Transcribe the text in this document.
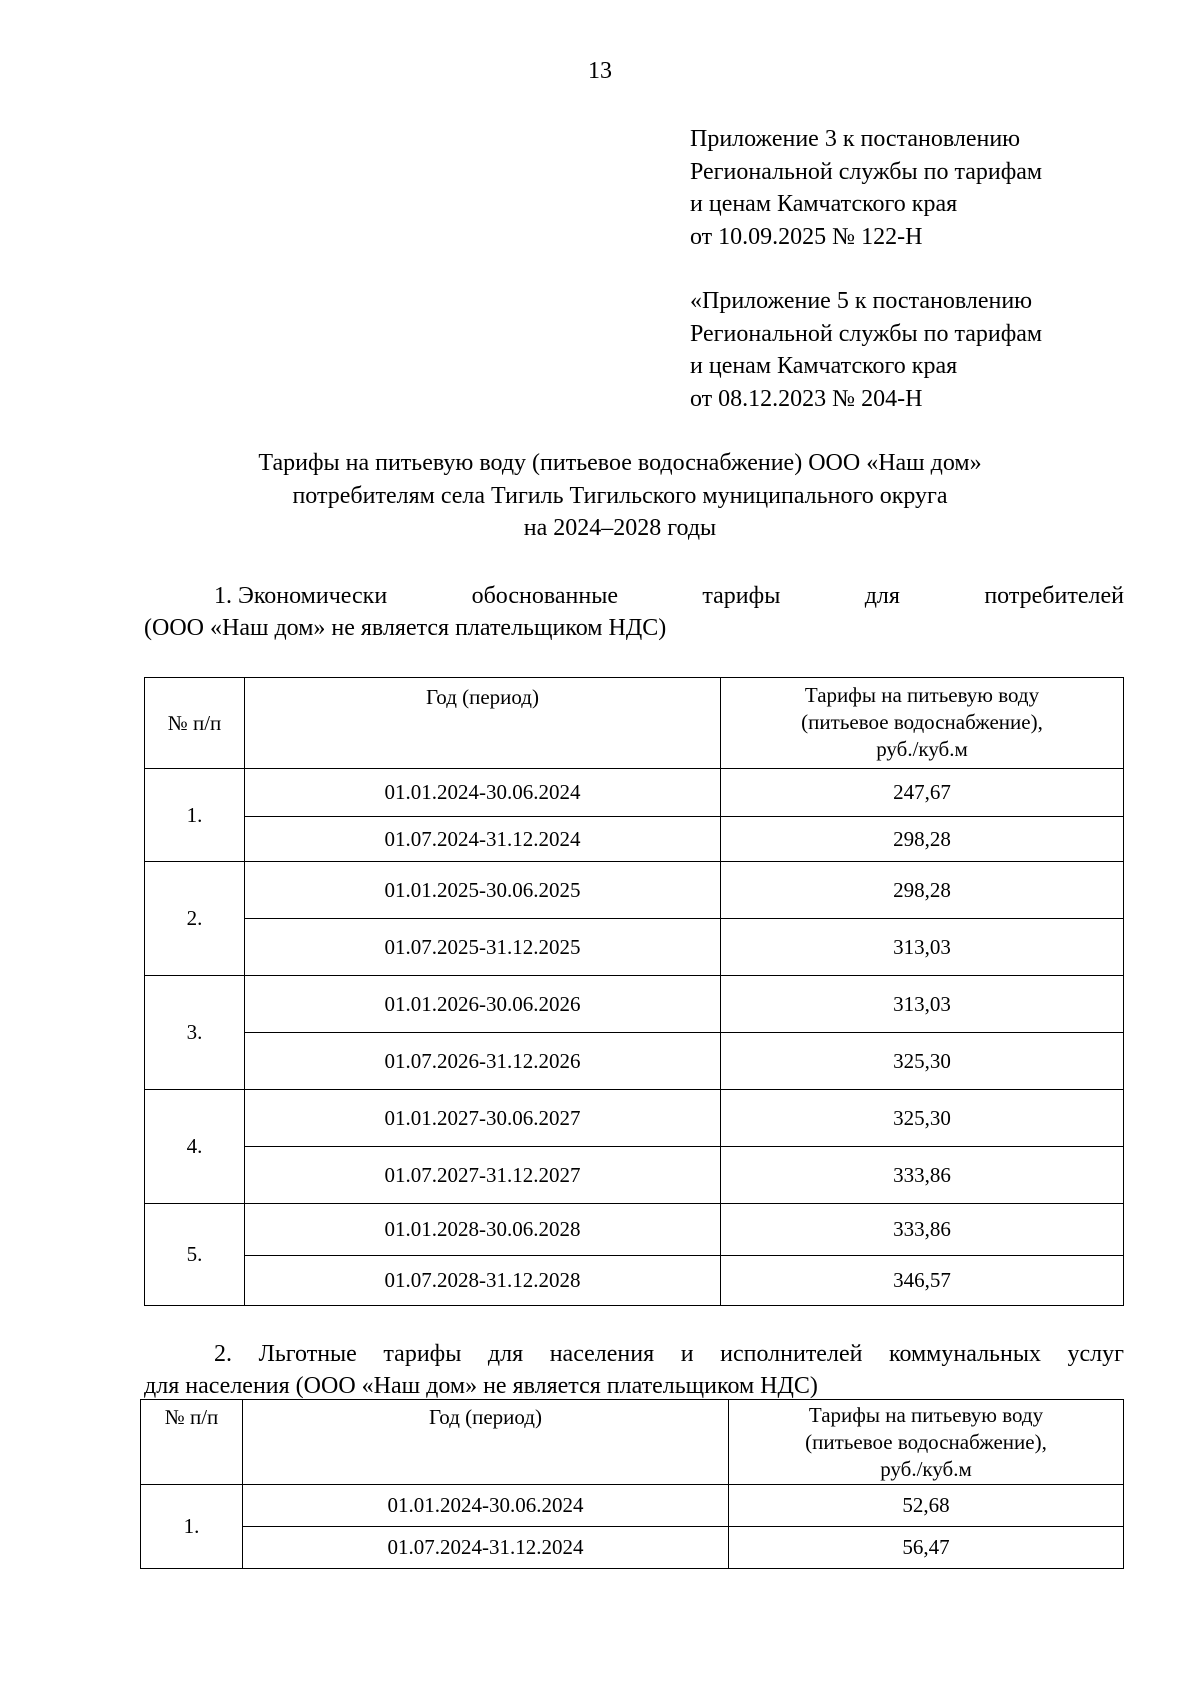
13
Приложение 3 к постановлению
Региональной службы по тарифам
и ценам Камчатского края
от 10.09.2025 № 122-Н
«Приложение 5 к постановлению
Региональной службы по тарифам
и ценам Камчатского края
от 08.12.2023 № 204-Н
Тарифы на питьевую воду (питьевое водоснабжение) ООО «Наш дом»
потребителям села Тигиль Тигильского муниципального округа
на 2024–2028 годы
1. Экономически	обоснованные	тарифы	для	потребителей
(ООО «Наш дом» не является плательщиком НДС)
№ п/п	Год (период)	Тарифы на питьевую воду
(питьевое водоснабжение),
руб./куб.м

1.	01.01.2024-30.06.2024	247,67
	01.07.2024-31.12.2024	298,28
2.	01.01.2025-30.06.2025	298,28
	01.07.2025-31.12.2025	313,03
3.	01.01.2026-30.06.2026	313,03
	01.07.2026-31.12.2026	325,30
4.	01.01.2027-30.06.2027	325,30
	01.07.2027-31.12.2027	333,86
5.	01.01.2028-30.06.2028	333,86
	01.07.2028-31.12.2028	346,57
2. Льготные тарифы для населения и исполнителей коммунальных услуг
для населения (ООО «Наш дом» не является плательщиком НДС)
№ п/п	Год (период)	Тарифы на питьевую воду
(питьевое водоснабжение),
руб./куб.м

1.	01.01.2024-30.06.2024	52,68
	01.07.2024-31.12.2024	56,47
